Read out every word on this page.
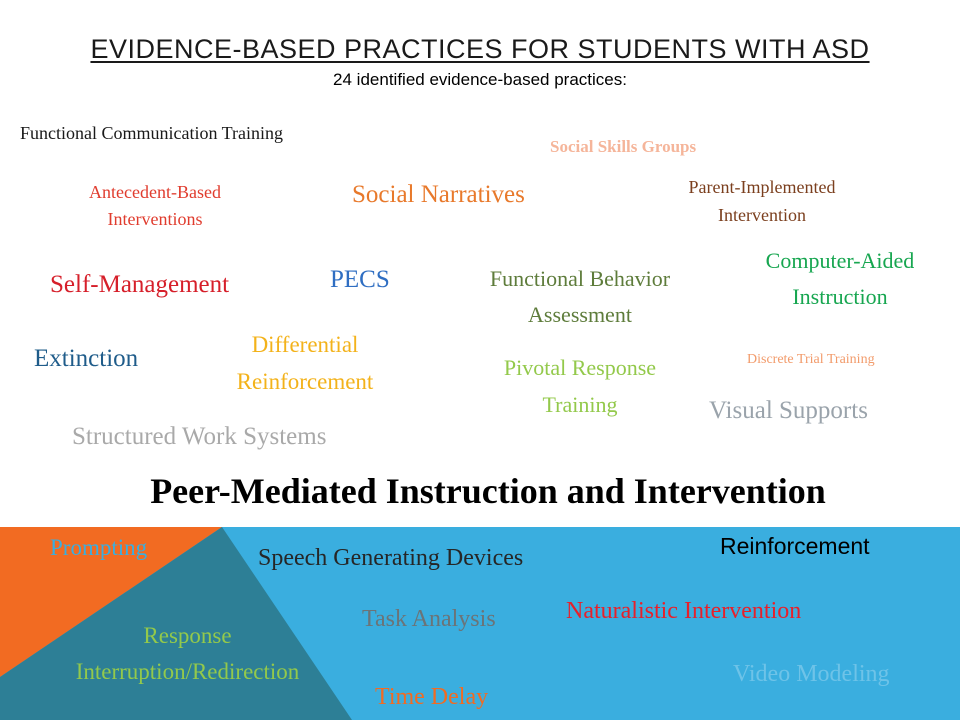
EVIDENCE-BASED PRACTICES FOR STUDENTS WITH ASD
24 identified evidence-based practices:
Functional Communication Training
Social Skills Groups
Antecedent-Based
Interventions
Social Narratives	Parent-Implemented
Intervention
Computer-Aided
Instruction
Self-Management	PECS	Functional Behavior
Assessment
Differential
Reinforcement
Extinction	Pivotal Response
Training
Discrete Trial Training
Visual Supports
Structured Work Systems
Peer-Mediated Instruction and Intervention
Prompting	Speech Generating Devices	Reinforcement
Task Analysis	Naturalistic Intervention
Response
Interruption/Redirection	Video Modeling
Time Delay
